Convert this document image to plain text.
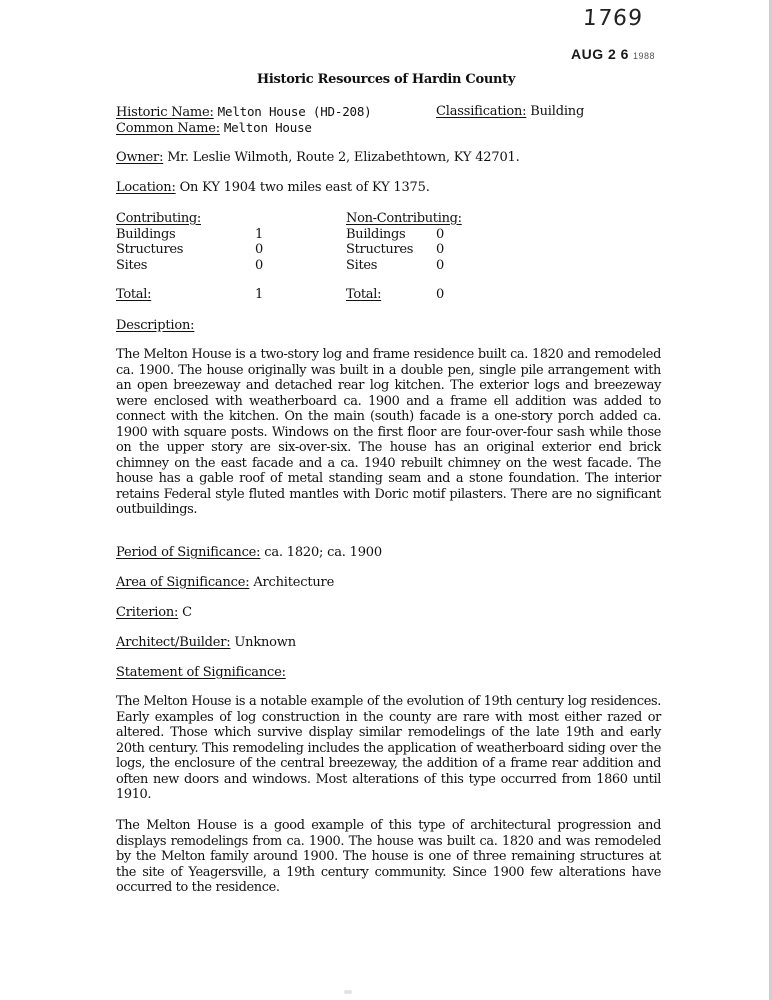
1769
AUG 2 6 1988
Historic Resources of Hardin County
Historic Name: Melton House (HD-208)	Classification: Building
Common Name: Melton House
Owner: Mr. Leslie Wilmoth, Route 2, Elizabethtown, KY 42701.
Location: On KY 1904 two miles east of KY 1375.
Contributing:
Buildings	1
Structures	0
Sites	0
Total:	1
Non-Contributing:
Buildings 0
Structures 0
Sites	0
Total:	0
Description:
The Melton House is a two-story log and frame residence built ca. 1820 and remodeled ca. 1900. The house originally was built in a double pen, single pile arrangement with an open breezeway and detached rear log kitchen. The exterior logs and breezeway were enclosed with weatherboard ca. 1900 and a frame ell addition was added to connect with the kitchen. On the main (south) facade is a one-story porch added ca. 1900 with square posts. Windows on the first floor are four-over-four sash while those on the upper story are six-over-six. The house has an original exterior end brick chimney on the east facade and a ca. 1940 rebuilt chimney on the west facade. The house has a gable roof of metal standing seam and a stone foundation. The interior retains Federal style fluted mantles with Doric motif pilasters. There are no significant outbuildings.
Period of Significance: ca. 1820; ca. 1900
Area of Significance: Architecture
Criterion: C
Architect/Builder: Unknown
Statement of Significance:
The Melton House is a notable example of the evolution of 19th century log residences. Early examples of log construction in the county are rare with most either razed or altered. Those which survive display similar remodelings of the late 19th and early 20th century. This remodeling includes the application of weatherboard siding over the logs, the enclosure of the central breezeway, the addition of a frame rear addition and often new doors and windows. Most alterations of this type occurred from 1860 until 1910.
The Melton House is a good example of this type of architectural progression and displays remodelings from ca. 1900. The house was built ca. 1820 and was remodeled by the Melton family around 1900. The house is one of three remaining structures at the site of Yeagersville, a 19th century community. Since 1900 few alterations have occurred to the residence.
